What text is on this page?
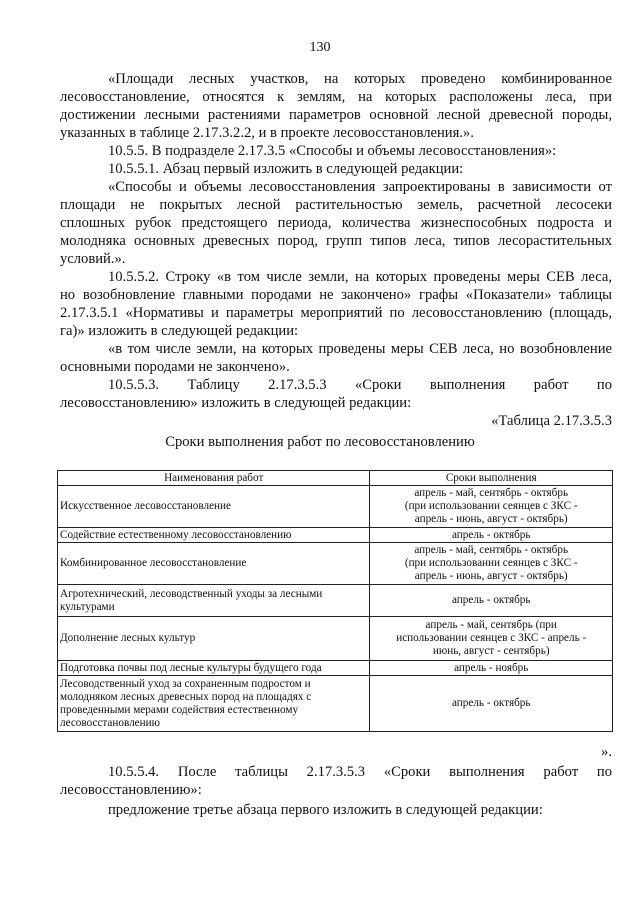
130
«Площади лесных участков, на которых проведено комбинированное
лесовосстановление, относятся к землям, на которых расположены леса, при
достижении лесными растениями параметров основной лесной древесной породы,
указанных в таблице 2.17.3.2.2, и в проекте лесовосстановления.».
10.5.5. В подразделе 2.17.3.5 «Способы и объемы лесовосстановления»:
10.5.5.1. Абзац первый изложить в следующей редакции:
«Способы и объемы лесовосстановления запроектированы в зависимости от
площади не покрытых лесной растительностью земель, расчетной лесосеки
сплошных рубок предстоящего периода, количества жизнеспособных подроста и
молодняка основных древесных пород, групп типов леса, типов лесорастительных
условий.».
10.5.5.2. Строку «в том числе земли, на которых проведены меры СЕВ леса,
но возобновление главными породами не закончено» графы «Показатели» таблицы
2.17.3.5.1 «Нормативы и параметры мероприятий по лесовосстановлению (площадь,
га)» изложить в следующей редакции:
«в том числе земли, на которых проведены меры СЕВ леса, но возобновление
основными породами не закончено».
10.5.5.3. Таблицу 2.17.3.5.3 «Сроки выполнения работ по
лесовосстановлению» изложить в следующей редакции:
«Таблица 2.17.3.5.3
Сроки выполнения работ по лесовосстановлению
Наименования работ	Сроки выполнения
Искусственное лесовосстановление	апрель - май, сентябрь - октябрь
(при использовании сеянцев с ЗКС -
апрель - июнь, август - октябрь)

Содействие естественному лесовосстановлению	апрель - октябрь

Комбинированное лесовосстановление	апрель - май, сентябрь - октябрь
(при использовании сеянцев с ЗКС -
апрель - июнь, август - октябрь)

Агротехнический, лесоводственный уходы за лесными
культурами	апрель - октябрь

Дополнение лесных культур	апрель - май, сентябрь (при
использовании сеянцев с ЗКС - апрель -
июнь, август - сентябрь)

Подготовка почвы под лесные культуры будущего года	апрель - ноябрь

Лесоводственный уход за сохраненным подростом и
молодняком лесных древесных пород на площадях с
проведенными мерами содействия естественному
лесовосстановлению	апрель - октябрь
».
10.5.5.4. После таблицы 2.17.3.5.3 «Сроки выполнения работ по
лесовосстановлению»:
предложение третье абзаца первого изложить в следующей редакции:
